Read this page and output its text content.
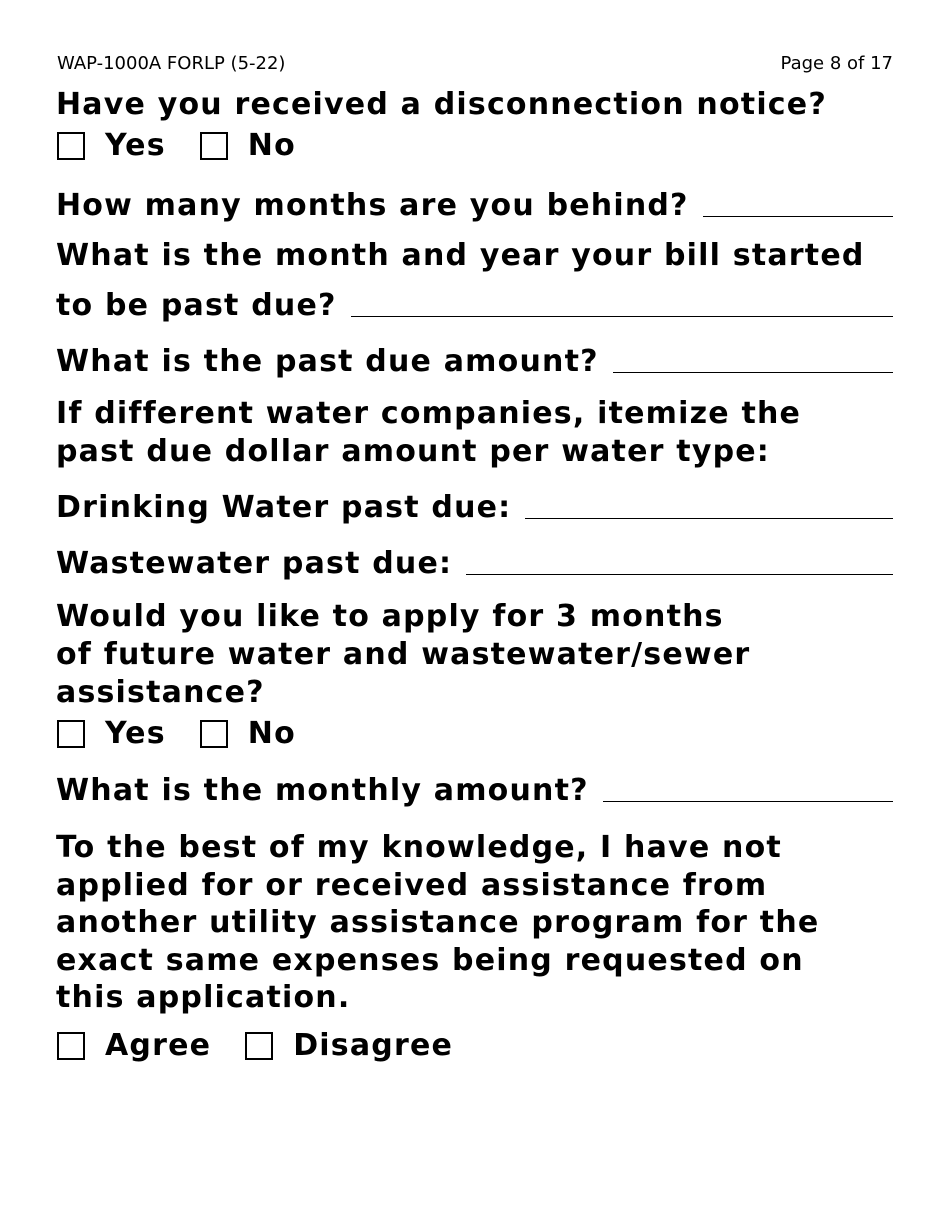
WAP-1000A FORLP (5-22)	Page 8 of 17
Have you received a disconnection notice?
Yes	No
How many months are you behind?
What is the month and year your bill started
to be past due?
What is the past due amount?
If different water companies, itemize the
past due dollar amount per water type:
Drinking Water past due:
Wastewater past due:
Would you like to apply for 3 months
of future water and wastewater/sewer
assistance?
Yes	No
What is the monthly amount?
To the best of my knowledge, I have not
applied for or received assistance from
another utility assistance program for the
exact same expenses being requested on
this application.
Agree	Disagree
